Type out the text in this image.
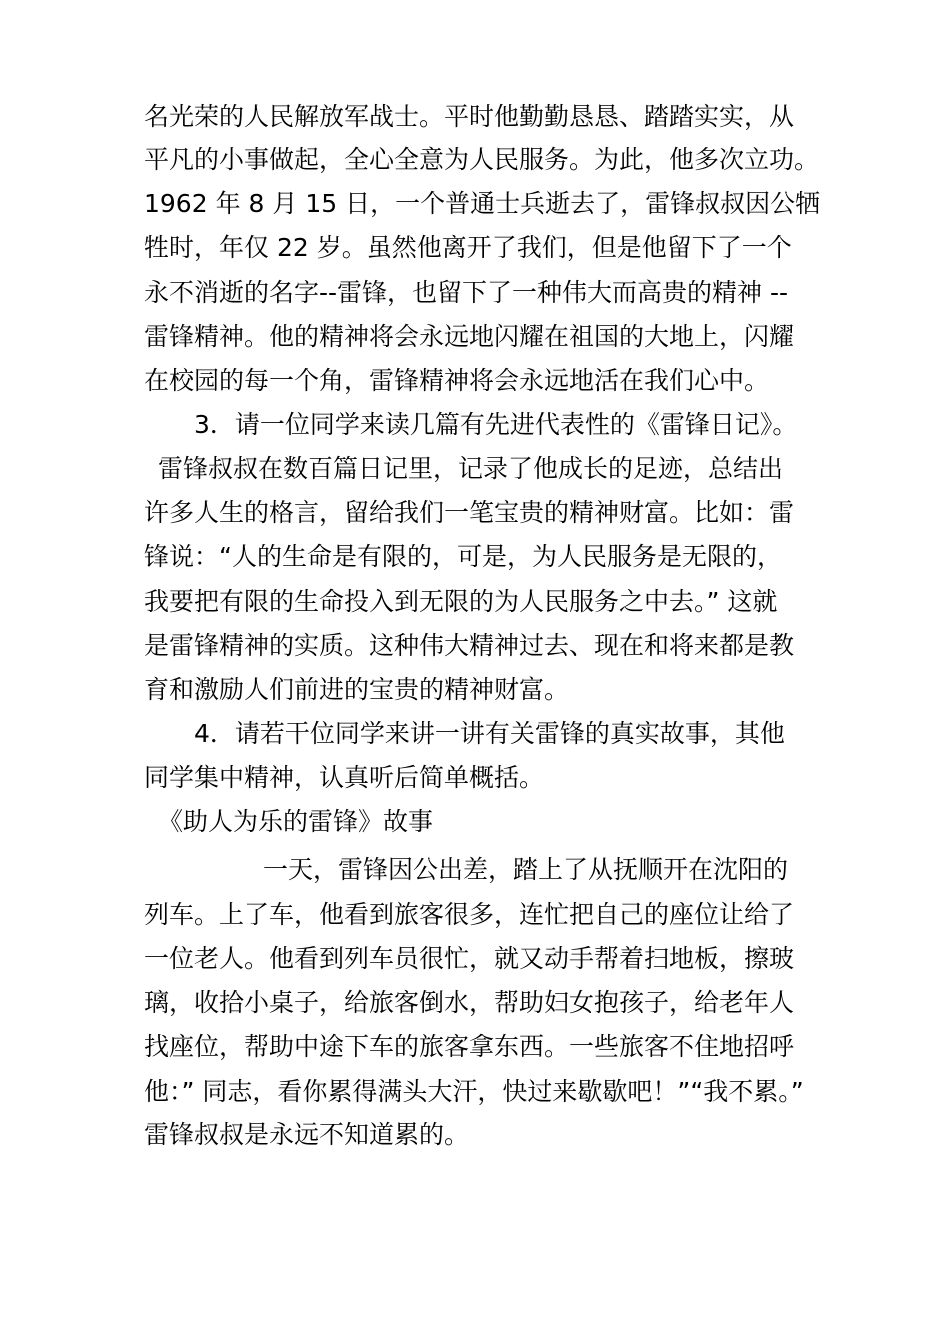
名光荣的人民解放军战士。平时他勤勤恳恳、踏踏实实，从
平凡的小事做起，全心全意为人民服务。为此，他多次立功。
1962 年 8 月 15 日，一个普通士兵逝去了，雷锋叔叔因公牺
牲时，年仅 22 岁。虽然他离开了我们，但是他留下了一个
永不消逝的名字--雷锋，也留下了一种伟大而高贵的精神 --
雷锋精神。他的精神将会永远地闪耀在祖国的大地上，闪耀
在校园的每一个角，雷锋精神将会永远地活在我们心中。
3．请一位同学来读几篇有先进代表性的《雷锋日记》。
雷锋叔叔在数百篇日记里，记录了他成长的足迹，总结出
许多人生的格言，留给我们一笔宝贵的精神财富。比如：雷
锋说：“人的生命是有限的，可是，为人民服务是无限的，
我要把有限的生命投入到无限的为人民服务之中去。” 这就
是雷锋精神的实质。这种伟大精神过去、现在和将来都是教
育和激励人们前进的宝贵的精神财富。
4．请若干位同学来讲一讲有关雷锋的真实故事，其他
同学集中精神，认真听后简单概括。
《助人为乐的雷锋》故事
一天，雷锋因公出差，踏上了从抚顺开在沈阳的
列车。上了车，他看到旅客很多，连忙把自己的座位让给了
一位老人。他看到列车员很忙，就又动手帮着扫地板，擦玻
璃，收拾小桌子，给旅客倒水，帮助妇女抱孩子，给老年人
找座位，帮助中途下车的旅客拿东西。一些旅客不住地招呼
他：” 同志，看你累得满头大汗，快过来歇歇吧！”“我不累。”
雷锋叔叔是永远不知道累的。
